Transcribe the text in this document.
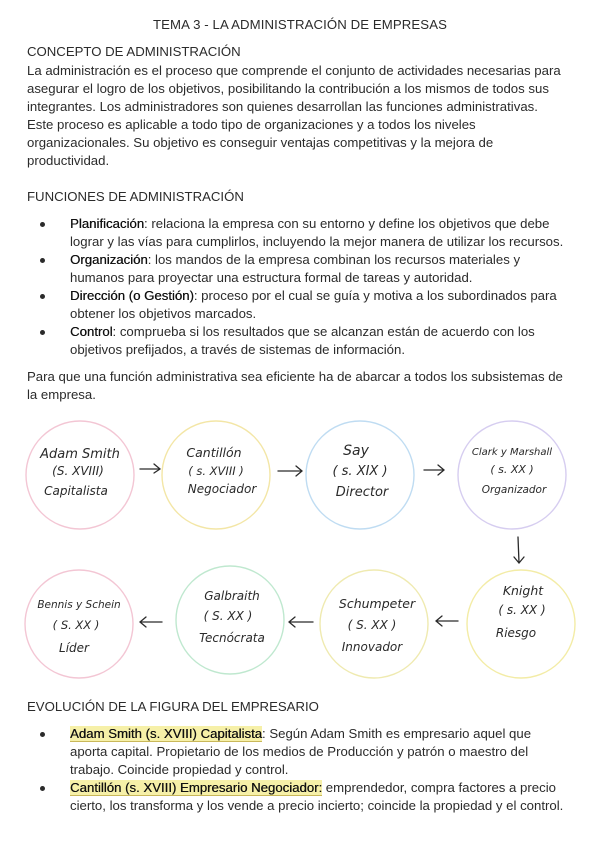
TEMA 3 - LA ADMINISTRACIÓN DE EMPRESAS
CONCEPTO DE ADMINISTRACIÓN
La administración es el proceso que comprende el conjunto de actividades necesarias para
asegurar el logro de los objetivos, posibilitando la contribución a los mismos de todos sus
integrantes. Los administradores son quienes desarrollan las funciones administrativas.
Este proceso es aplicable a todo tipo de organizaciones y a todos los niveles
organizacionales. Su objetivo es conseguir ventajas competitivas y la mejora de
productividad.
FUNCIONES DE ADMINISTRACIÓN
Planificación: relaciona la empresa con su entorno y define los objetivos que debe
lograr y las vías para cumplirlos, incluyendo la mejor manera de utilizar los recursos.
Organización: los mandos de la empresa combinan los recursos materiales y
humanos para proyectar una estructura formal de tareas y autoridad.
Dirección (o Gestión): proceso por el cual se guía y motiva a los subordinados para
obtener los objetivos marcados.
Control: comprueba si los resultados que se alcanzan están de acuerdo con los
objetivos prefijados, a través de sistemas de información.
Para que una función administrativa sea eficiente ha de abarcar a todos los subsistemas de
la empresa.
Adam Smith
(S. XVIII)
Capitalista
Cantillón
( s. XVIII )
Negociador
Say
( s. XIX )
Director
Clark y Marshall
( s. XX )
Organizador
Knight
( s. XX )
Riesgo
Schumpeter
( S. XX )
Innovador
Galbraith
( S. XX )
Tecnócrata
Bennis y Schein
( S. XX )
Líder
EVOLUCIÓN DE LA FIGURA DEL EMPRESARIO
Adam Smith (s. XVIII) Capitalista: Según Adam Smith es empresario aquel que
aporta capital. Propietario de los medios de Producción y patrón o maestro del
trabajo. Coincide propiedad y control.
Cantillón (s. XVIII) Empresario Negociador: emprendedor, compra factores a precio
cierto, los transforma y los vende a precio incierto; coincide la propiedad y el control.
